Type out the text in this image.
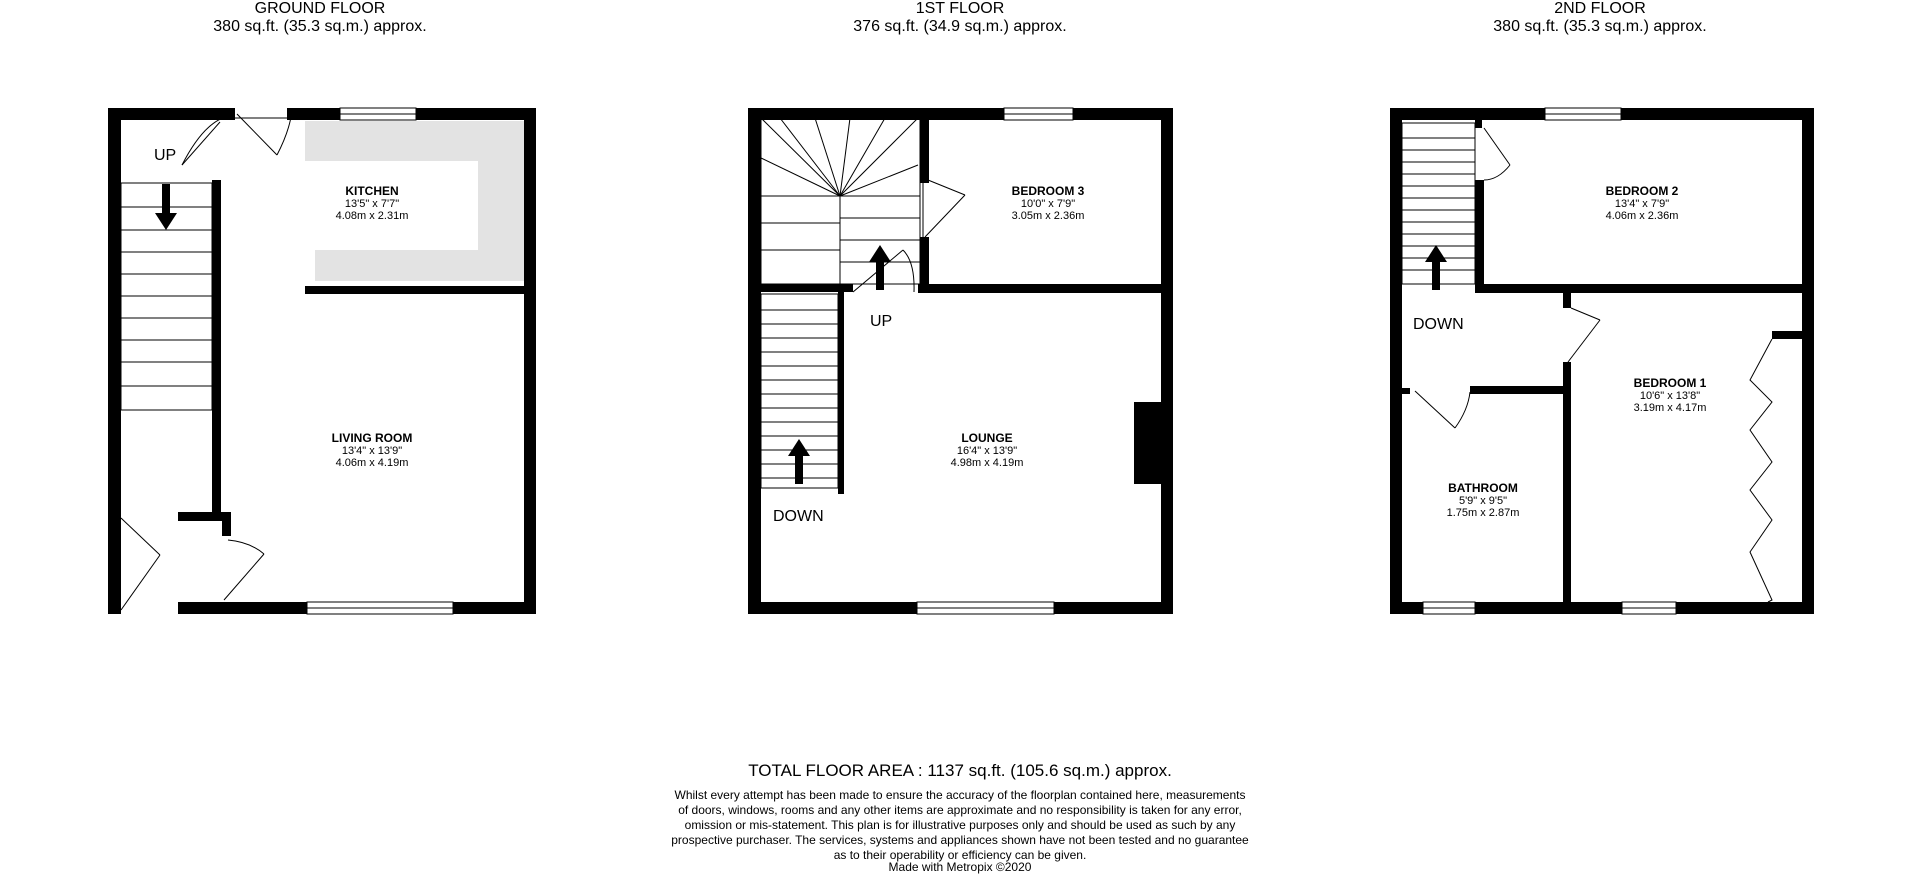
GROUND FLOOR
380 sq.ft. (35.3 sq.m.) approx.
1ST FLOOR
376 sq.ft. (34.9 sq.m.) approx.
2ND FLOOR
380 sq.ft. (35.3 sq.m.) approx.
UP
KITCHEN
13'5" x 7'7"
4.08m x 2.31m
LIVING ROOM
13'4" x 13'9"
4.06m x 4.19m
UP
DOWN
BEDROOM 3
10'0" x 7'9"
3.05m x 2.36m
LOUNGE
16'4" x 13'9"
4.98m x 4.19m
DOWN
BEDROOM 2
13'4" x 7'9"
4.06m x 2.36m
BEDROOM 1
10'6" x 13'8"
3.19m x 4.17m
BATHROOM
5'9" x 9'5"
1.75m x 2.87m
TOTAL FLOOR AREA : 1137 sq.ft. (105.6 sq.m.) approx.
Whilst every attempt has been made to ensure the accuracy of the floorplan contained here, measurements
of doors, windows, rooms and any other items are approximate and no responsibility is taken for any error,
omission or mis-statement. This plan is for illustrative purposes only and should be used as such by any
prospective purchaser. The services, systems and appliances shown have not been tested and no guarantee
as to their operability or efficiency can be given.
Made with Metropix ©2020
